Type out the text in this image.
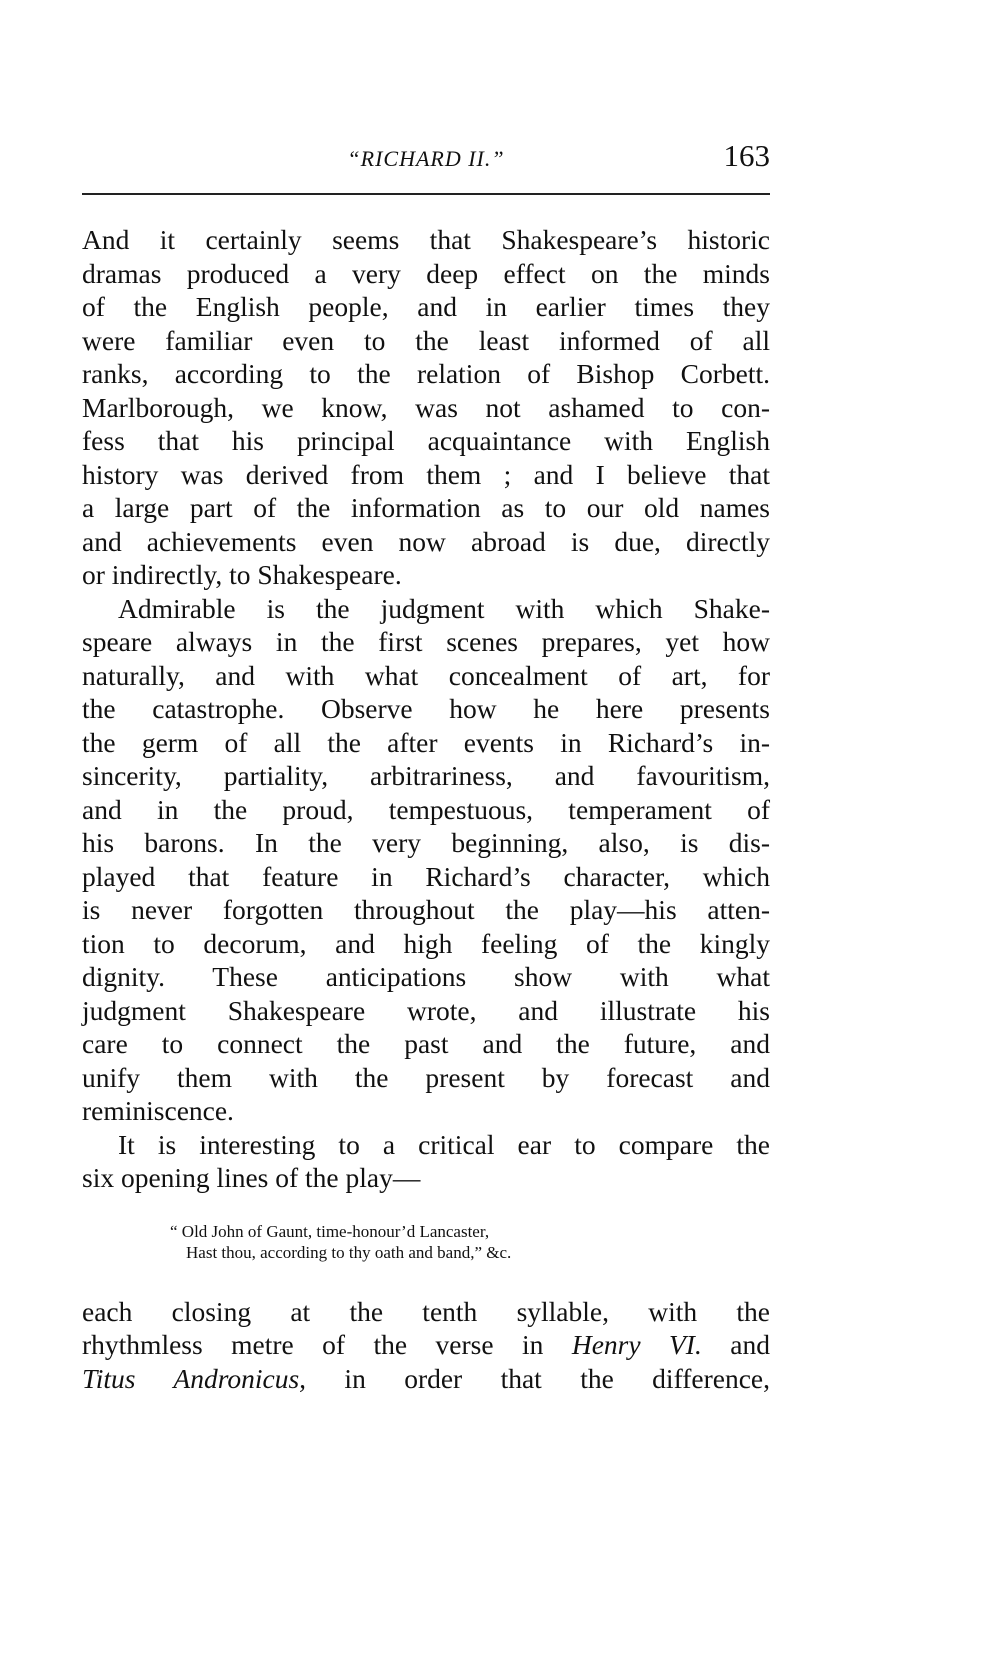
“RICHARD II.”	163
And it certainly seems that Shakespeare’s historic
dramas produced a very deep effect on the minds
of the English people, and in earlier times they
were familiar even to the least informed of all
ranks, according to the relation of Bishop Corbett.
Marlborough, we know, was not ashamed to con-
fess that his principal acquaintance with English
history was derived from them ; and I believe that
a large part of the information as to our old names
and achievements even now abroad is due, directly
or indirectly, to Shakespeare.
Admirable is the judgment with which Shake-
speare always in the first scenes prepares, yet how
naturally, and with what concealment of art, for
the catastrophe. Observe how he here presents
the germ of all the after events in Richard’s in-
sincerity, partiality, arbitrariness, and favouritism,
and in the proud, tempestuous, temperament of
his barons. In the very beginning, also, is dis-
played that feature in Richard’s character, which
is never forgotten throughout the play—his atten-
tion to decorum, and high feeling of the kingly
dignity. These anticipations show with what
judgment Shakespeare wrote, and illustrate his
care to connect the past and the future, and
unify them with the present by forecast and
reminiscence.
It is interesting to a critical ear to compare the
six opening lines of the play—
“ Old John of Gaunt, time-honour’d Lancaster,
Hast thou, according to thy oath and band,” &c.
each closing at the tenth syllable, with the
rhythmless metre of the verse in Henry VI. and
Titus Andronicus, in order that the difference,
